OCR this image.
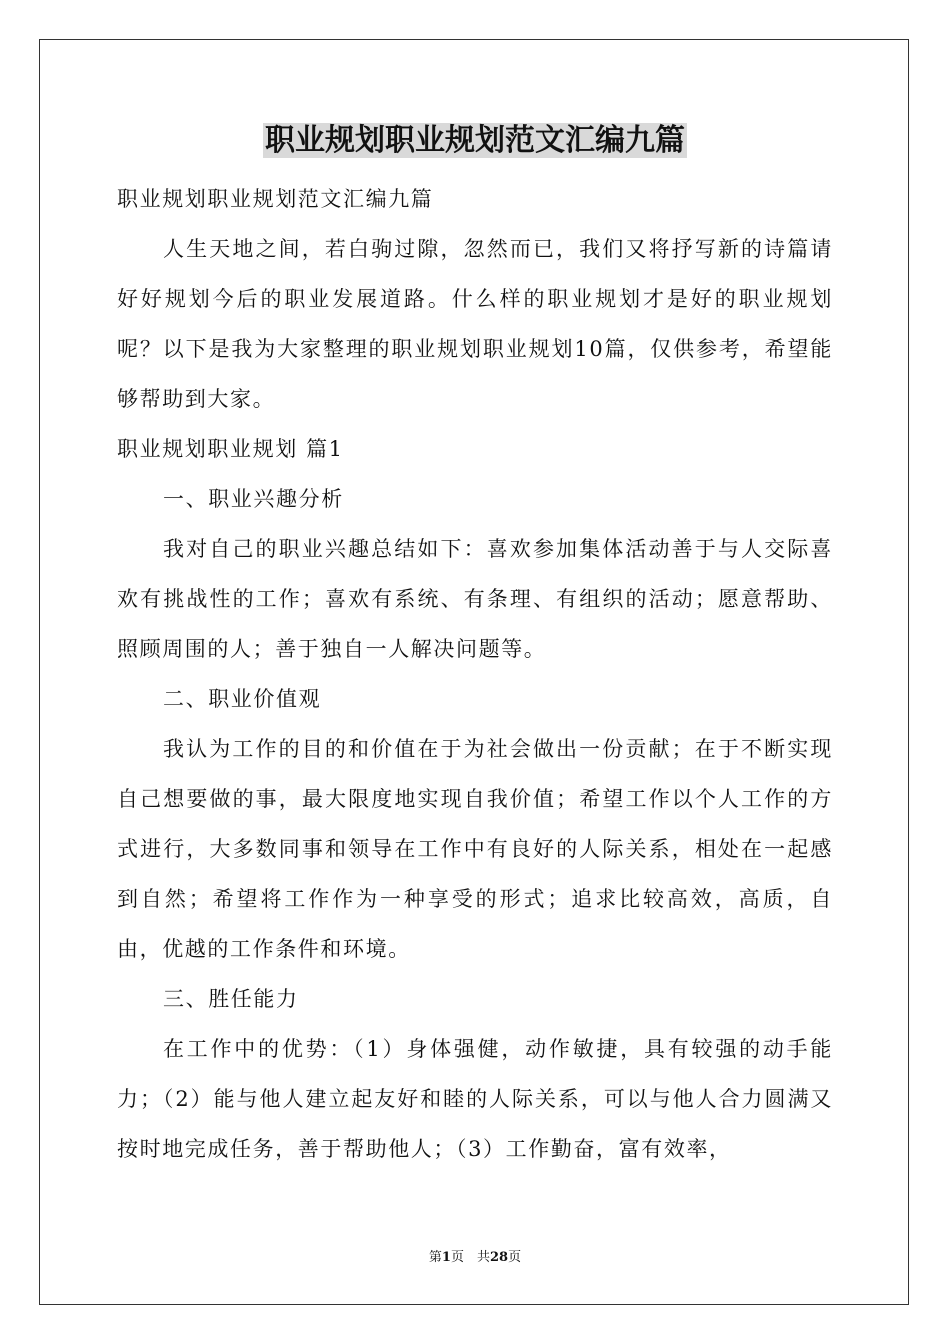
职业规划职业规划范文汇编九篇

职业规划职业规划范文汇编九篇

人生天地之间，若白驹过隙，忽然而已，我们又将抒写新的诗篇请好好规划今后的职业发展道路。什么样的职业规划才是好的职业规划呢？以下是我为大家整理的职业规划职业规划10篇，仅供参考，希望能够帮助到大家。

职业规划职业规划 篇1

一、职业兴趣分析

我对自己的职业兴趣总结如下：喜欢参加集体活动善于与人交际喜欢有挑战性的工作；喜欢有系统、有条理、有组织的活动；愿意帮助、照顾周围的人；善于独自一人解决问题等。

二、职业价值观

我认为工作的目的和价值在于为社会做出一份贡献；在于不断实现自己想要做的事，最大限度地实现自我价值；希望工作以个人工作的方式进行，大多数同事和领导在工作中有良好的人际关系，相处在一起感到自然；希望将工作作为一种享受的形式；追求比较高效，高质，自由，优越的工作条件和环境。

三、胜任能力

在工作中的优势：（1）身体强健，动作敏捷，具有较强的动手能力；（2）能与他人建立起友好和睦的人际关系，可以与他人合力圆满又按时地完成任务，善于帮助他人；（3）工作勤奋，富有效率，

第1页　共28页
